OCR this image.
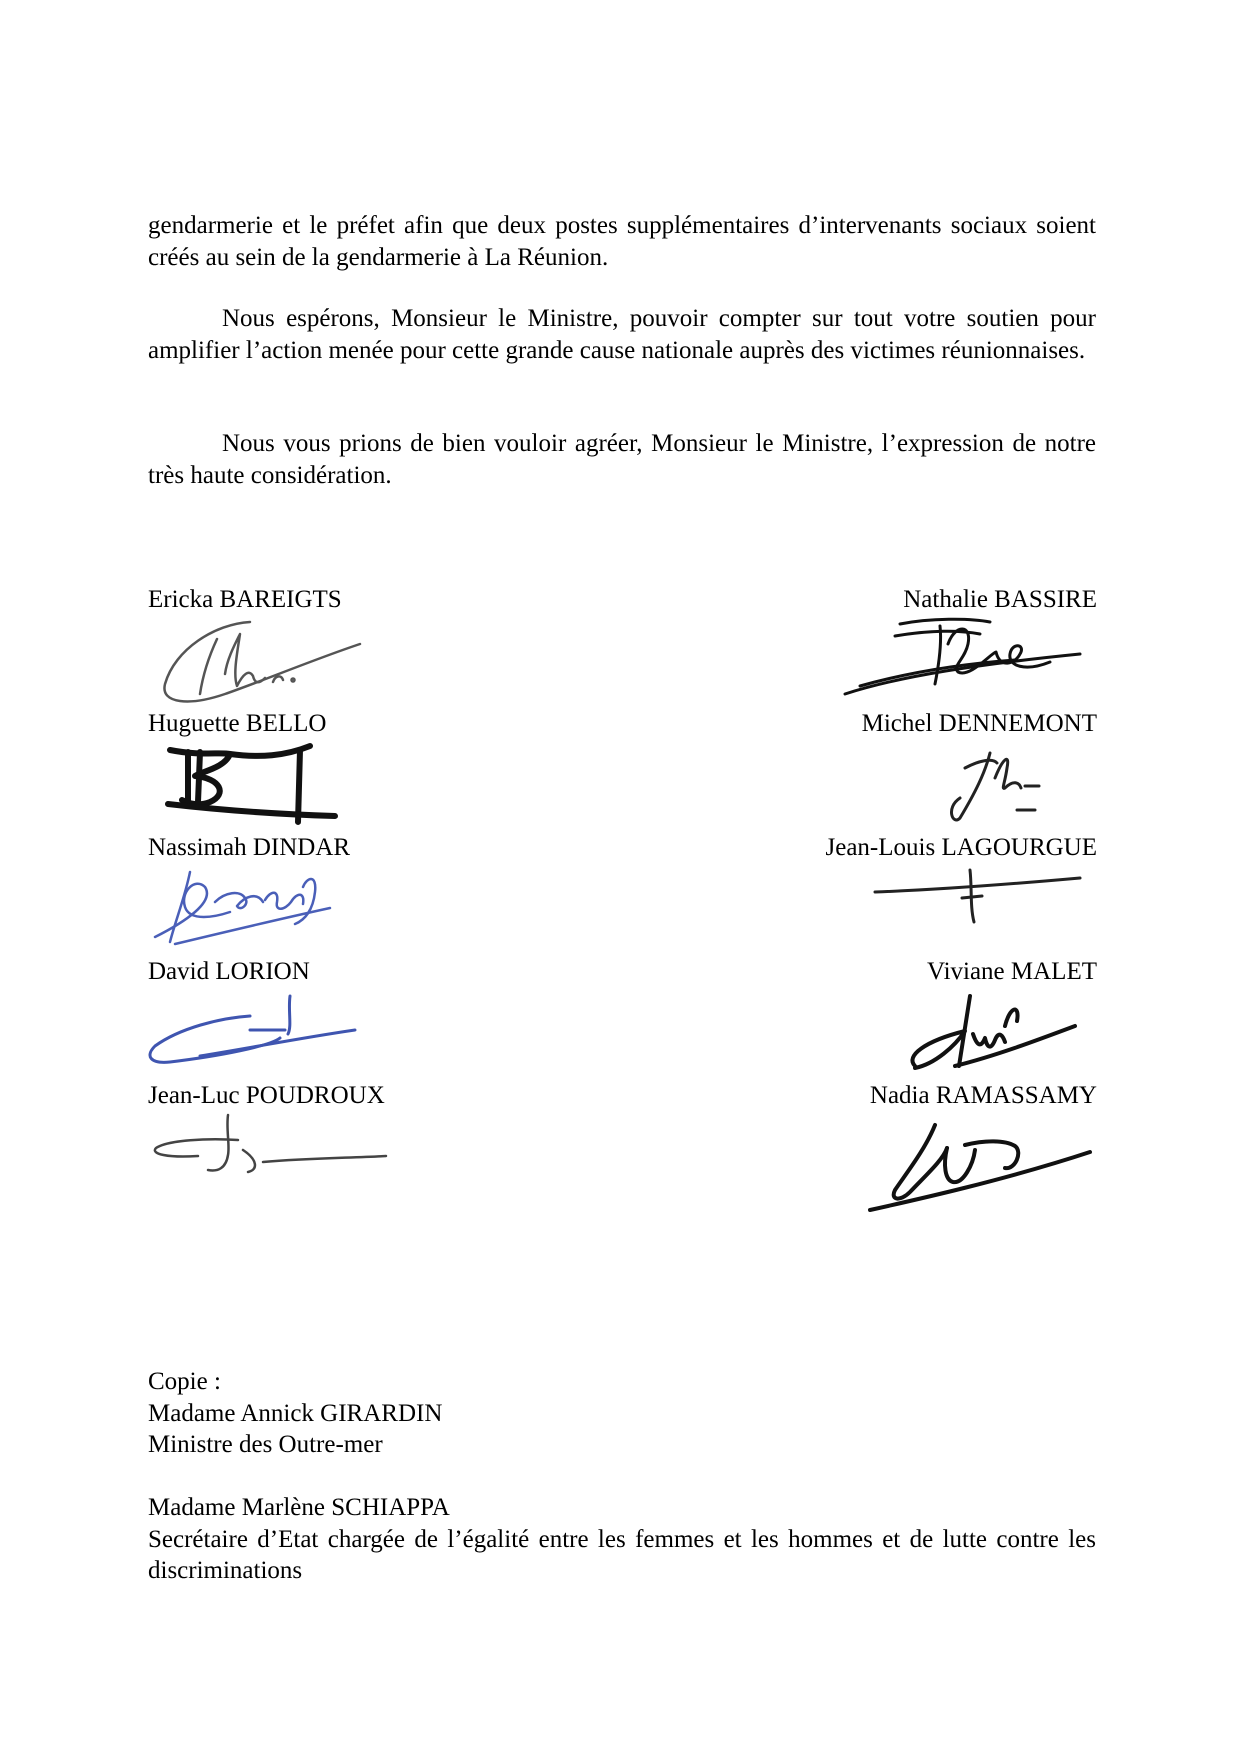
gendarmerie et le préfet afin que deux postes supplémentaires d’intervenants sociaux soient créés au sein de la gendarmerie à La Réunion.

Nous espérons, Monsieur le Ministre, pouvoir compter sur tout votre soutien pour amplifier l’action menée pour cette grande cause nationale auprès des victimes réunionnaises.

Nous vous prions de bien vouloir agréer, Monsieur le Ministre, l’expression de notre très haute considération.

Ericka BAREIGTS	Nathalie BASSIRE
Huguette BELLO	Michel DENNEMONT
Nassimah DINDAR	Jean-Louis LAGOURGUE
David LORION	Viviane MALET
Jean-Luc POUDROUX	Nadia RAMASSAMY
Copie :
Madame Annick GIRARDIN
Ministre des Outre-mer
Madame Marlène SCHIAPPA
Secrétaire d’Etat chargée de l’égalité entre les femmes et les hommes et de lutte contre les discriminations
